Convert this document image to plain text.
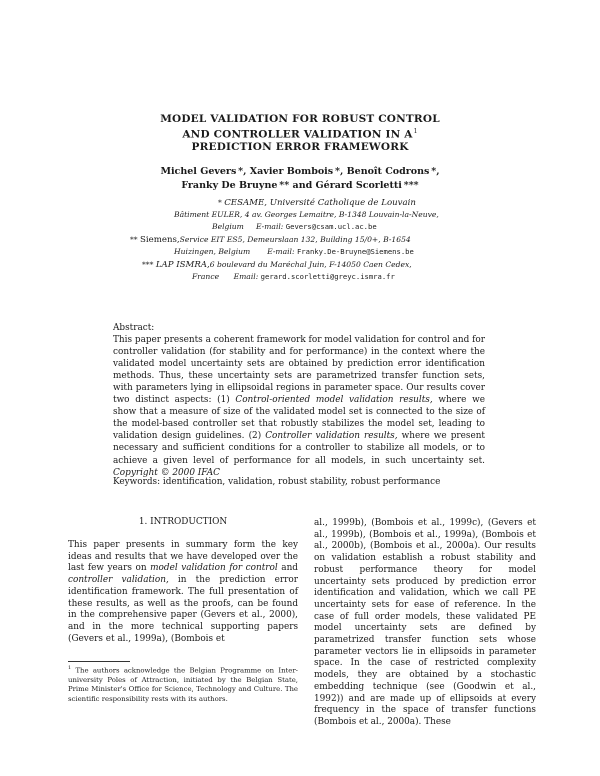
MODEL VALIDATION FOR ROBUST CONTROL
AND CONTROLLER VALIDATION IN $A^1$
PREDICTION ERROR FRAMEWORK
Michel Gevers *, Xavier Bombois *, Benoît Codrons *,
Franky De Bruyne ** and Gérard Scorletti ***
* CESAME, Université Catholique de Louvain
Bâtiment EULER, 4 av. Georges Lemaitre, B-1348 Louvain-la-Neuve,
Belgium E-mail: Gevers@csam.ucl.ac.be
** Siemens,Service EIT ES5, Demeurslaan 132, Building 15/0+, B-1654
Huizingen, Belgium E-mail: Franky.De-Bruyne@Siemens.be
*** LAP ISMRA,6 boulevard du Maréchal Juin, F-14050 Caen Cedex,
France Email: gerard.scorletti@greyc.ismra.fr

Abstract:

This paper presents a coherent framework for model validation for control and for controller validation (for stability and for performance) in the context where the validated model uncertainty sets are obtained by prediction error identification methods. Thus, these uncertainty sets are parametrized transfer function sets, with parameters lying in ellipsoidal regions in parameter space. Our results cover two distinct aspects: (1) Control-oriented model validation results, where we show that a measure of size of the validated model set is connected to the size of the model-based controller set that robustly stabilizes the model set, leading to validation design guidelines. (2) Controller validation results, where we present necessary and sufficient conditions for a controller to stabilize all models, or to achieve a given level of performance for all models, in such uncertainty set. Copyright © 2000 IFAC

Keywords: identification, validation, robust stability, robust performance
1. INTRODUCTION
This paper presents in summary form the key ideas and results that we have developed over the last few years on model validation for control and controller validation, in the prediction error identification framework. The full presentation of these results, as well as the proofs, can be found in the comprehensive paper (Gevers et al., 2000), and in the more technical supporting papers (Gevers et al., 1999a), (Bombois et
al., 1999b), (Bombois et al., 1999c), (Gevers et al., 1999b), (Bombois et al., 1999a), (Bombois et al., 2000b), (Bombois et al., 2000a). Our results on validation establish a robust stability and robust performance theory for model uncertainty sets produced by prediction error identification and validation, which we call PE uncertainty sets for ease of reference. In the case of full order models, these validated PE model uncertainty sets are defined by parametrized transfer function sets whose parameter vectors lie in ellipsoids in parameter space. In the case of restricted complexity models, they are obtained by a stochastic embedding technique (see (Goodwin et al., 1992)) and are made up of ellipsoids at every frequency in the space of transfer functions (Bombois et al., 2000a). These
$^1$ The authors acknowledge the Belgian Programme on Inter-university Poles of Attraction, initiated by the Belgian State, Prime Minister's Office for Science, Technology and Culture. The scientific responsibility rests with its authors.
